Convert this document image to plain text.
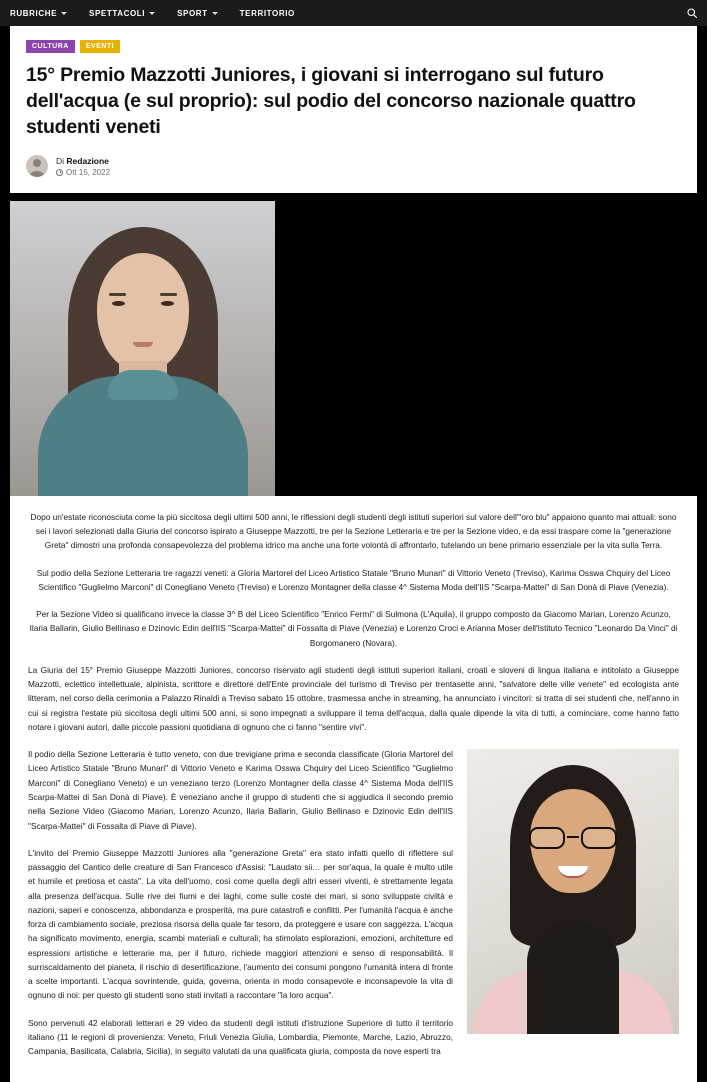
RUBRICHE	SPETTACOLI	SPORT	TERRITORIO
CULTURA	EVENTI
15° Premio Mazzotti Juniores, i giovani si interrogano sul futuro dell'acqua (e sul proprio): sul podio del concorso nazionale quattro studenti veneti
Di Redazione
Ott 15, 2022

Dopo un'estate riconosciuta come la più siccitosa degli ultimi 500 anni, le riflessioni degli studenti degli istituti superiori sul valore dell'"oro blu" appaiono quanto mai attuali: sono sei i lavori selezionati dalla Giuria del concorso ispirato a Giuseppe Mazzotti, tre per la Sezione Letteraria e tre per la Sezione video, e da essi traspare come la "generazione Greta" dimostri una profonda consapevolezza del problema idrico ma anche una forte volontà di affrontarlo, tutelando un bene primario essenziale per la vita sulla Terra.

Sul podio della Sezione Letteraria tre ragazzi veneti: a Gloria Martorel del Liceo Artistico Statale "Bruno Munari" di Vittorio Veneto (Treviso), Karima Osswa Chquiry del Liceo Scientifico "Guglielmo Marconi" di Conegliano Veneto (Treviso) e Lorenzo Montagner della classe 4^ Sistema Moda dell'IIS "Scarpa-Mattei" di San Donà di Piave (Venezia).

Per la Sezione Video si qualificano invece la classe 3^ B del Liceo Scientifico "Enrico Fermi" di Sulmona (L'Aquila), il gruppo composto da Giacomo Marian, Lorenzo Acunzo, Ilaria Ballarin, Giulio Bellinaso e Dzinovic Edin dell'IIS "Scarpa-Mattei" di Fossalta di Piave (Venezia) e Lorenzo Croci e Arianna Moser dell'Istituto Tecnico "Leonardo Da Vinci" di Borgomanero (Novara).

La Giuria del 15° Premio Giuseppe Mazzotti Juniores, concorso riservato agli studenti degli istituti superiori italiani, croati e sloveni di lingua italiana e intitolato a Giuseppe Mazzotti, eclettico intellettuale, alpinista, scrittore e direttore dell'Ente provinciale del turismo di Treviso per trentasette anni, "salvatore delle ville venete" ed ecologista ante litteram, nel corso della cerimonia a Palazzo Rinaldi a Treviso sabato 15 ottobre, trasmessa anche in streaming, ha annunciato i vincitori: si tratta di sei studenti che, nell'anno in cui si registra l'estate più siccitosa degli ultimi 500 anni, si sono impegnati a sviluppare il tema dell'acqua, dalla quale dipende la vita di tutti, a cominciare, come hanno fatto notare i giovani autori, dalle piccole passioni quotidiana di ognuno che ci fanno "sentire vivi".

Il podio della Sezione Letteraria è tutto veneto, con due trevigiane prima e seconda classificate (Gloria Martorel del Liceo Artistico Statale "Bruno Munari" di Vittorio Veneto e Karima Osswa Chquiry del Liceo Scientifico "Guglielmo Marconi" di Conegliano Veneto) e un veneziano terzo (Lorenzo Montagner della classe 4^ Sistema Moda dell'IIS Scarpa-Mattei di San Donà di Piave). È veneziano anche il gruppo di studenti che si aggiudica il secondo premio nella Sezione Video (Giacomo Marian, Lorenzo Acunzo, Ilaria Ballarin, Giulio Bellinaso e Dzinovic Edin dell'IIS "Scarpa-Mattei" di Fossalta di Piave di Piave).

L'invito del Premio Giuseppe Mazzotti Juniores alla "generazione Greta" era stato infatti quello di riflettere sul passaggio del Cantico delle creature di San Francesco d'Assisi: "Laudato sii… per sor'aqua, la quale è multo utile et humile et pretiosa et casta". La vita dell'uomo, così come quella degli altri esseri viventi, è strettamente legata alla presenza dell'acqua. Sulle rive dei fiumi e dei laghi, come sulle coste dei mari, si sono sviluppate civiltà e nazioni, saperi e conoscenza, abbondanza e prosperità, ma pure catastrofi e conflitti. Per l'umanità l'acqua è anche forza di cambiamento sociale, preziosa risorsa della quale far tesoro, da proteggere e usare con saggezza. L'acqua ha significato movimento, energia, scambi materiali e culturali; ha stimolato esplorazioni, emozioni, architetture ed espressioni artistiche e letterarie ma, per il futuro, richiede maggiori attenzioni e senso di responsabilità. Il surriscaldamento del pianeta, il rischio di desertificazione, l'aumento dei consumi pongono l'umanità intera di fronte a scelte importanti. L'acqua sovrintende, guida, governa, orienta in modo consapevole e inconsapevole la vita di ognuno di noi: per questo gli studenti sono stati invitati a raccontare "la loro acqua".

Sono pervenuti 42 elaborati letterari e 29 video da studenti degli istituti d'istruzione Superiore di tutto il territorio italiano (11 le regioni di provenienza: Veneto, Friuli Venezia Giulia, Lombardia, Piemonte, Marche, Lazio, Abruzzo, Campania, Basilicata, Calabria, Sicilia), in seguito valutati da una qualificata giuria, composta da nove esperti tra
